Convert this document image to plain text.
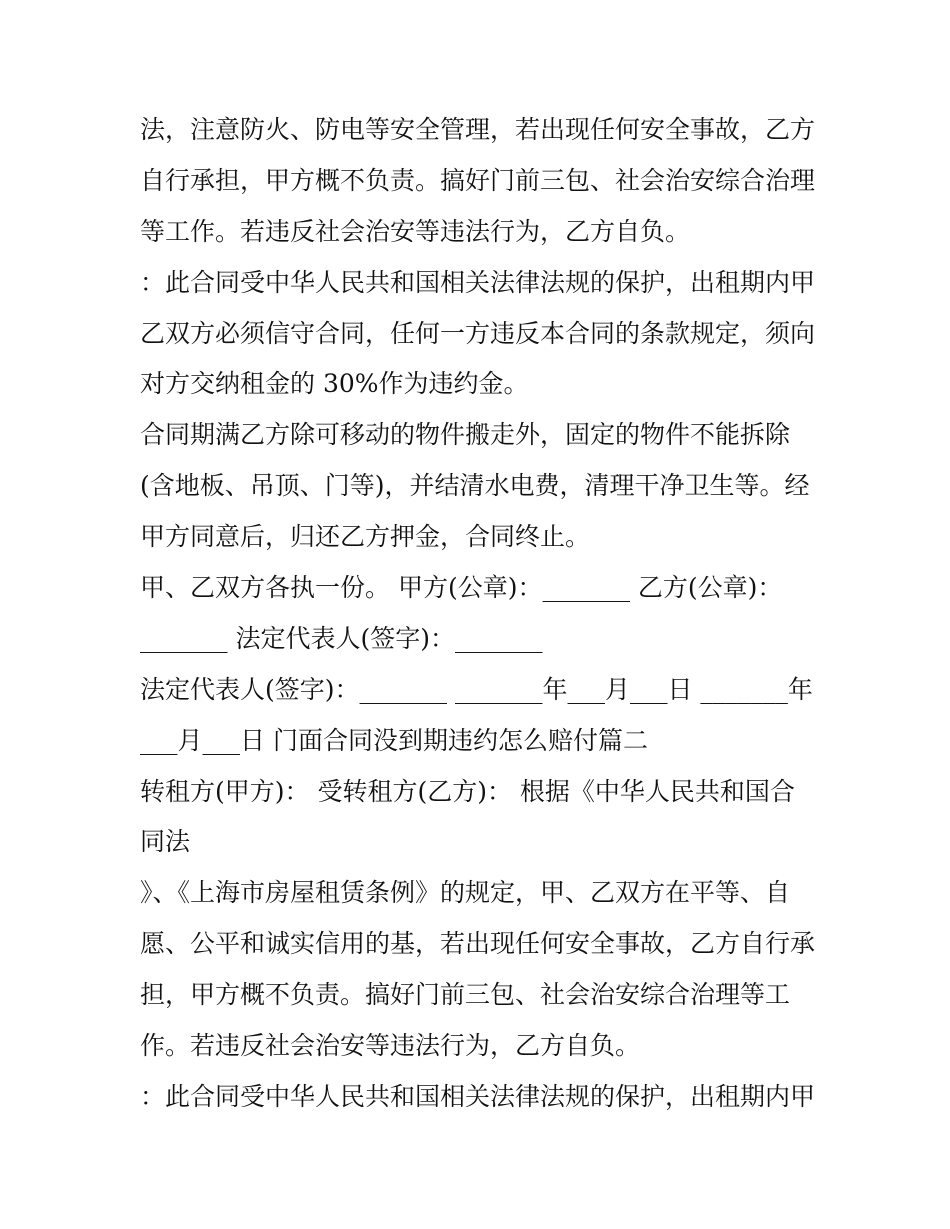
法，注意防火、防电等安全管理，若出现任何安全事故，乙方
自行承担，甲方概不负责。搞好门前三包、社会治安综合治理
等工作。若违反社会治安等违法行为，乙方自负。
：此合同受中华人民共和国相关法律法规的保护，出租期内甲
乙双方必须信守合同，任何一方违反本合同的条款规定，须向
对方交纳租金的 30%作为违约金。
合同期满乙方除可移动的物件搬走外，固定的物件不能拆除
(含地板、吊顶、门等)，并结清水电费，清理干净卫生等。经
甲方同意后，归还乙方押金，合同终止。
甲、乙双方各执一份。 甲方(公章)：_______ 乙方(公章)：
_______ 法定代表人(签字)：_______
法定代表人(签字)：_______ _______年___月___日 _______年
___月___日 门面合同没到期违约怎么赔付篇二
转租方(甲方)： 受转租方(乙方)： 根据《中华人民共和国合
同法
》、《上海市房屋租赁条例》的规定，甲、乙双方在平等、自
愿、公平和诚实信用的基，若出现任何安全事故，乙方自行承
担，甲方概不负责。搞好门前三包、社会治安综合治理等工
作。若违反社会治安等违法行为，乙方自负。
：此合同受中华人民共和国相关法律法规的保护，出租期内甲
